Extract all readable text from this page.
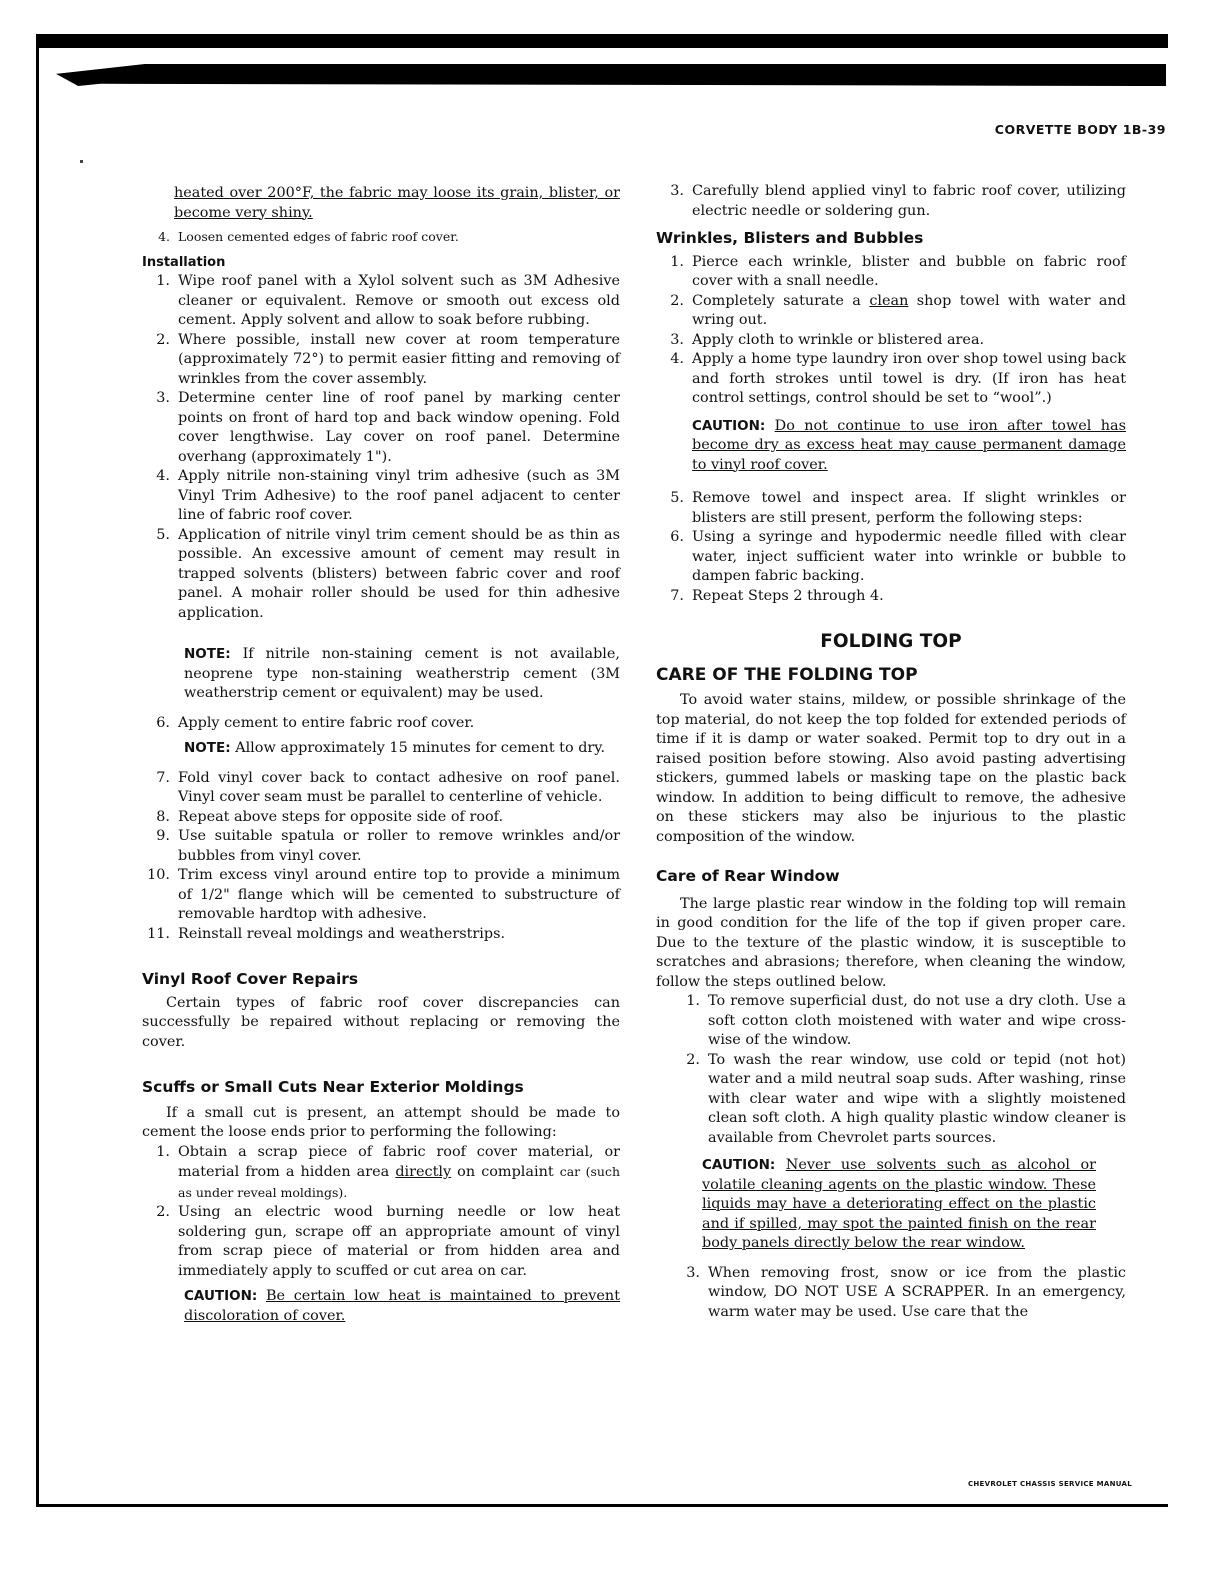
CORVETTE BODY 1B-39

heated over 200°F, the fabric may loose its grain, blister, or become very shiny.

4. Loosen cemented edges of fabric roof cover.
Installation
1. Wipe roof panel with a Xylol solvent such as 3M Adhesive cleaner or equivalent. Remove or smooth out excess old cement. Apply solvent and allow to soak before rubbing.
2. Where possible, install new cover at room temperature (approximately 72°) to permit easier fitting and removing of wrinkles from the cover assembly.
3. Determine center line of roof panel by marking center points on front of hard top and back window opening. Fold cover lengthwise. Lay cover on roof panel. Determine overhang (approximately 1").
4. Apply nitrile non-staining vinyl trim adhesive (such as 3M Vinyl Trim Adhesive) to the roof panel adjacent to center line of fabric roof cover.
5. Application of nitrile vinyl trim cement should be as thin as possible. An excessive amount of cement may result in trapped solvents (blisters) between fabric cover and roof panel. A mohair roller should be used for thin adhesive application.

NOTE: If nitrile non-staining cement is not available, neoprene type non-staining weatherstrip cement (3M weatherstrip cement or equivalent) may be used.

6. Apply cement to entire fabric roof cover.

NOTE: Allow approximately 15 minutes for cement to dry.

7. Fold vinyl cover back to contact adhesive on roof panel. Vinyl cover seam must be parallel to centerline of vehicle.
8. Repeat above steps for opposite side of roof.
9. Use suitable spatula or roller to remove wrinkles and/or bubbles from vinyl cover.
10. Trim excess vinyl around entire top to provide a minimum of 1/2" flange which will be cemented to substructure of removable hardtop with adhesive.
11. Reinstall reveal moldings and weatherstrips.
Vinyl Roof Cover Repairs

Certain types of fabric roof cover discrepancies can successfully be repaired without replacing or removing the cover.

Scuffs or Small Cuts Near Exterior Moldings

If a small cut is present, an attempt should be made to cement the loose ends prior to performing the following:

1. Obtain a scrap piece of fabric roof cover material, or material from a hidden area directly on complaint car (such as under reveal moldings).
2. Using an electric wood burning needle or low heat soldering gun, scrape off an appropriate amount of vinyl from scrap piece of material or from hidden area and immediately apply to scuffed or cut area on car.

CAUTION: Be certain low heat is maintained to prevent discoloration of cover.

3. Carefully blend applied vinyl to fabric roof cover, utilizing electric needle or soldering gun.
Wrinkles, Blisters and Bubbles
1. Pierce each wrinkle, blister and bubble on fabric roof cover with a snall needle.
2. Completely saturate a clean shop towel with water and wring out.
3. Apply cloth to wrinkle or blistered area.
4. Apply a home type laundry iron over shop towel using back and forth strokes until towel is dry. (If iron has heat control settings, control should be set to “wool”.)

CAUTION: Do not continue to use iron after towel has become dry as excess heat may cause permanent damage to vinyl roof cover.

5. Remove towel and inspect area. If slight wrinkles or blisters are still present, perform the following steps:
6. Using a syringe and hypodermic needle filled with clear water, inject sufficient water into wrinkle or bubble to dampen fabric backing.
7. Repeat Steps 2 through 4.
FOLDING TOP
CARE OF THE FOLDING TOP

To avoid water stains, mildew, or possible shrinkage of the top material, do not keep the top folded for extended periods of time if it is damp or water soaked. Permit top to dry out in a raised position before stowing. Also avoid pasting advertising stickers, gummed labels or masking tape on the plastic back window. In addition to being difficult to remove, the adhesive on these stickers may also be injurious to the plastic composition of the window.

Care of Rear Window

The large plastic rear window in the folding top will remain in good condition for the life of the top if given proper care. Due to the texture of the plastic window, it is susceptible to scratches and abrasions; therefore, when cleaning the window, follow the steps outlined below.

1. To remove superficial dust, do not use a dry cloth. Use a soft cotton cloth moistened with water and wipe cross-wise of the window.
2. To wash the rear window, use cold or tepid (not hot) water and a mild neutral soap suds. After washing, rinse with clear water and wipe with a slightly moistened clean soft cloth. A high quality plastic window cleaner is available from Chevrolet parts sources.

CAUTION: Never use solvents such as alcohol or volatile cleaning agents on the plastic window. These liquids may have a deteriorating effect on the plastic and if spilled, may spot the painted finish on the rear body panels directly below the rear window.

3. When removing frost, snow or ice from the plastic window, DO NOT USE A SCRAPPER. In an emergency, warm water may be used. Use care that the
CHEVROLET CHASSIS SERVICE MANUAL
